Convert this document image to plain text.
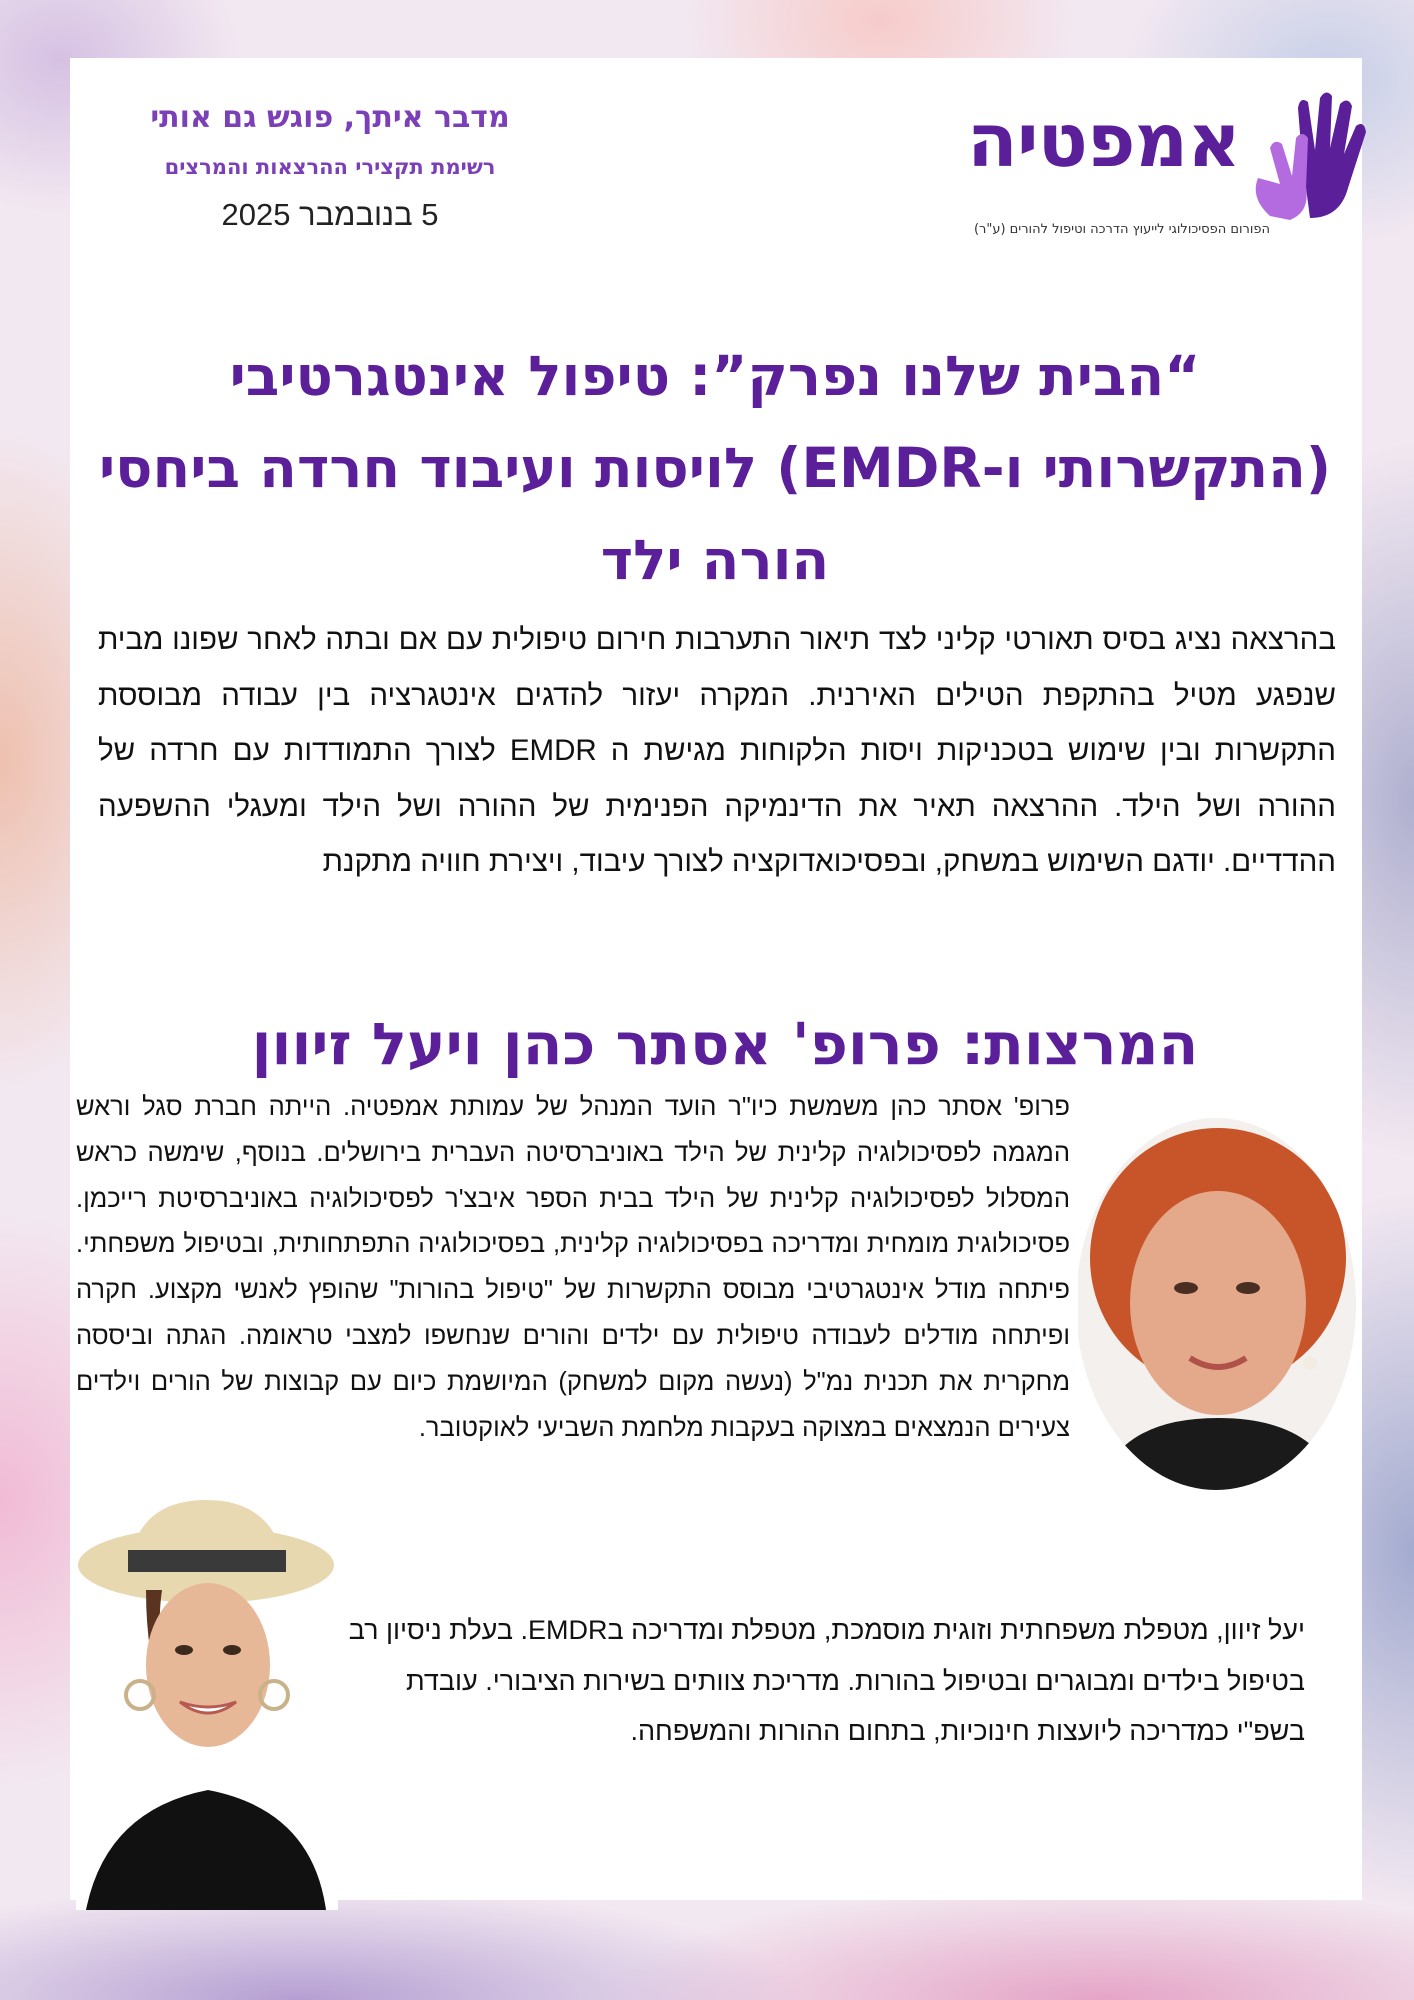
מדבר איתך, פוגש גם אותי

רשימת תקצירי ההרצאות והמרצים
5 בנובמבר 2025
אמפטיה
הפורום הפסיכולוגי לייעוץ הדרכה וטיפול להורים (ע"ר)
“הבית שלנו נפרק”: טיפול אינטגרטיבי (התקשרותי ו-EMDR) לויסות ועיבוד חרדה ביחסי הורה ילד

בהרצאה נציג בסיס תאורטי קליני לצד תיאור התערבות חירום טיפולית עם אם ובתה לאחר שפונו מבית שנפגע מטיל בהתקפת הטילים האירנית. המקרה יעזור להדגים אינטגרציה בין עבודה מבוססת התקשרות ובין שימוש בטכניקות ויסות הלקוחות מגישת ה EMDR לצורך התמודדות עם חרדה של ההורה ושל הילד. ההרצאה תאיר את הדינמיקה הפנימית של ההורה ושל הילד ומעגלי ההשפעה ההדדיים. יודגם השימוש במשחק, ובפסיכואדוקציה לצורך עיבוד, ויצירת חוויה מתקנת

המרצות: פרופ' אסתר כהן ויעל זיוון

פרופ' אסתר כהן משמשת כיו"ר הועד המנהל של עמותת אמפטיה. הייתה חברת סגל וראש המגמה לפסיכולוגיה קלינית של הילד באוניברסיטה העברית בירושלים. בנוסף, שימשה כראש המסלול לפסיכולוגיה קלינית של הילד בבית הספר איבצ'ר לפסיכולוגיה באוניברסיטת רייכמן. פסיכולוגית מומחית ומדריכה בפסיכולוגיה קלינית, בפסיכולוגיה התפתחותית, ובטיפול משפחתי. פיתחה מודל אינטגרטיבי מבוסס התקשרות של "טיפול בהורות" שהופץ לאנשי מקצוע. חקרה ופיתחה מודלים לעבודה טיפולית עם ילדים והורים שנחשפו למצבי טראומה. הגתה וביססה מחקרית את תכנית נמ"ל (נעשה מקום למשחק) המיושמת כיום עם קבוצות של הורים וילדים צעירים הנמצאים במצוקה בעקבות מלחמת השביעי לאוקטובר.

יעל זיוון, מטפלת משפחתית וזוגית מוסמכת, מטפלת ומדריכה בEMDR. בעלת ניסיון רב בטיפול בילדים ומבוגרים ובטיפול בהורות. מדריכת צוותים בשירות הציבורי. עובדת בשפ"י כמדריכה ליועצות חינוכיות, בתחום ההורות והמשפחה.
